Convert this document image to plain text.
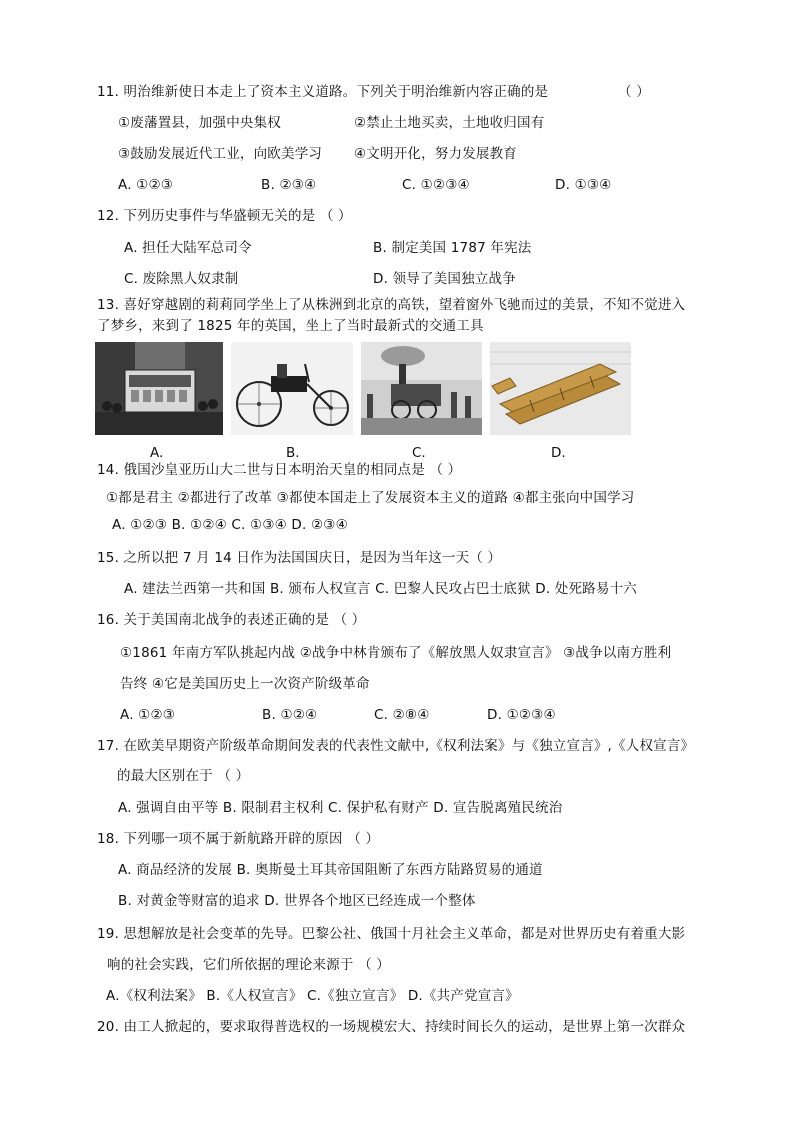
11. 明治维新使日本走上了资本主义道路。下列关于明治维新内容正确的是	（ ）
①废藩置县，加强中央集权	②禁止土地买卖，土地收归国有
③鼓励发展近代工业，向欧美学习 ④文明开化，努力发展教育
A. ①②③	B. ②③④	C. ①②③④	D. ①③④
12. 下列历史事件与华盛顿无关的是 （ ）
A. 担任大陆军总司令	B. 制定美国 1787 年宪法
C. 废除黑人奴隶制	D. 领导了美国独立战争
13. 喜好穿越剧的莉莉同学坐上了从株洲到北京的高铁，望着窗外飞驰而过的美景，不知不觉进入
了梦乡，来到了 1825 年的英国，坐上了当时最新式的交通工具
A.	B.	C.	D.
14. 俄国沙皇亚历山大二世与日本明治天皇的相同点是 （ ）
①都是君主 ②都进行了改革 ③都使本国走上了发展资本主义的道路 ④都主张向中国学习
A. ①②③ B. ①②④ C. ①③④ D. ②③④
15. 之所以把 7 月 14 日作为法国国庆日，是因为当年这一天（ ）
A. 建法兰西第一共和国 B. 颁布人权宣言 C. 巴黎人民攻占巴士底狱 D. 处死路易十六
16. 关于美国南北战争的表述正确的是 （ ）
①1861 年南方军队挑起内战 ②战争中林肯颁布了《解放黑人奴隶宣言》 ③战争以南方胜利
告终 ④它是美国历史上一次资产阶级革命
A. ①②③	B. ①②④	C. ②⑧④	D. ①②③④
17. 在欧美早期资产阶级革命期间发表的代表性文献中,《权利法案》与《独立宣言》,《人权宣言》
的最大区别在于 （ ）
A. 强调自由平等 B. 限制君主权利 C. 保护私有财产 D. 宣告脱离殖民统治
18. 下列哪一项不属于新航路开辟的原因 （ ）
A. 商品经济的发展 B. 奥斯曼土耳其帝国阻断了东西方陆路贸易的通道
B. 对黄金等财富的追求 D. 世界各个地区已经连成一个整体
19. 思想解放是社会变革的先导。巴黎公社、俄国十月社会主义革命，都是对世界历史有着重大影
响的社会实践，它们所依据的理论来源于 （ ）
A.《权利法案》 B.《人权宣言》 C.《独立宣言》 D.《共产党宣言》
20. 由工人掀起的，要求取得普选权的一场规模宏大、持续时间长久的运动，是世界上第一次群众
